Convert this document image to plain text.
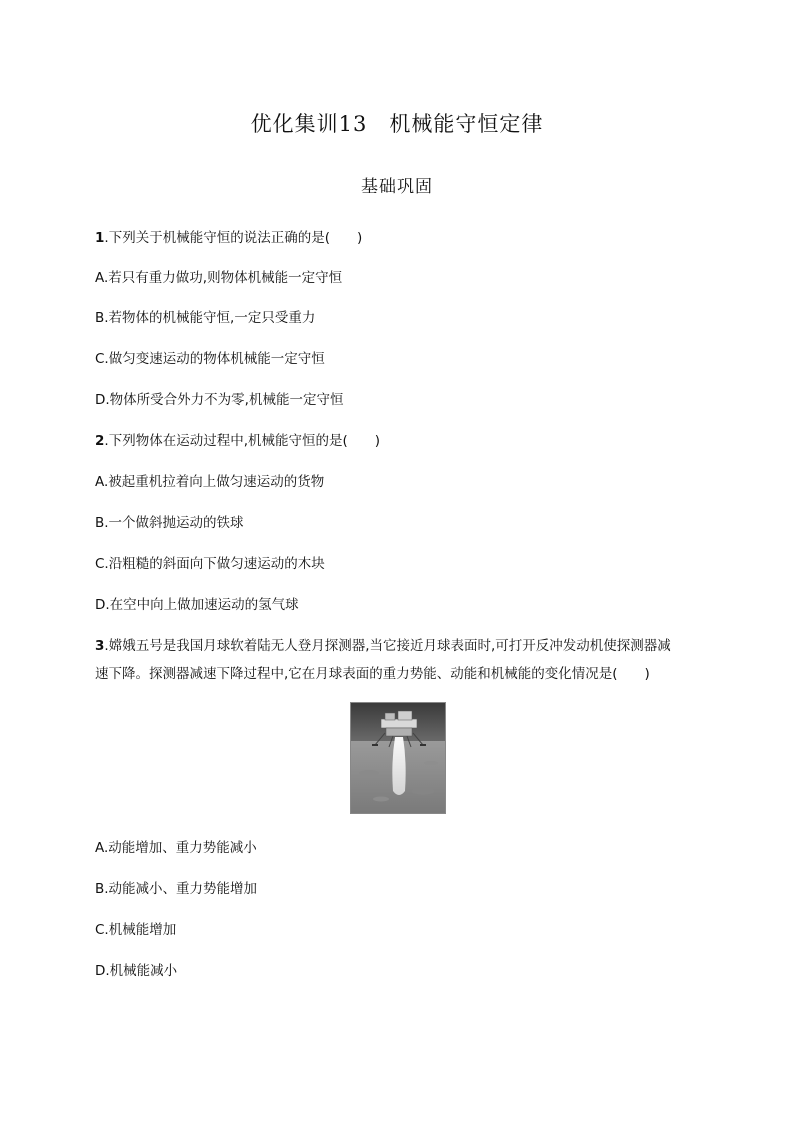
优化集训13　机械能守恒定律
基础巩固
1.下列关于机械能守恒的说法正确的是(　　)
A.若只有重力做功,则物体机械能一定守恒
B.若物体的机械能守恒,一定只受重力
C.做匀变速运动的物体机械能一定守恒
D.物体所受合外力不为零,机械能一定守恒
2.下列物体在运动过程中,机械能守恒的是(　　)
A.被起重机拉着向上做匀速运动的货物
B.一个做斜抛运动的铁球
C.沿粗糙的斜面向下做匀速运动的木块
D.在空中向上做加速运动的氢气球
3.嫦娥五号是我国月球软着陆无人登月探测器,当它接近月球表面时,可打开反冲发动机使探测器减
速下降。探测器减速下降过程中,它在月球表面的重力势能、动能和机械能的变化情况是(　　)
A.动能增加、重力势能减小
B.动能减小、重力势能增加
C.机械能增加
D.机械能减小
